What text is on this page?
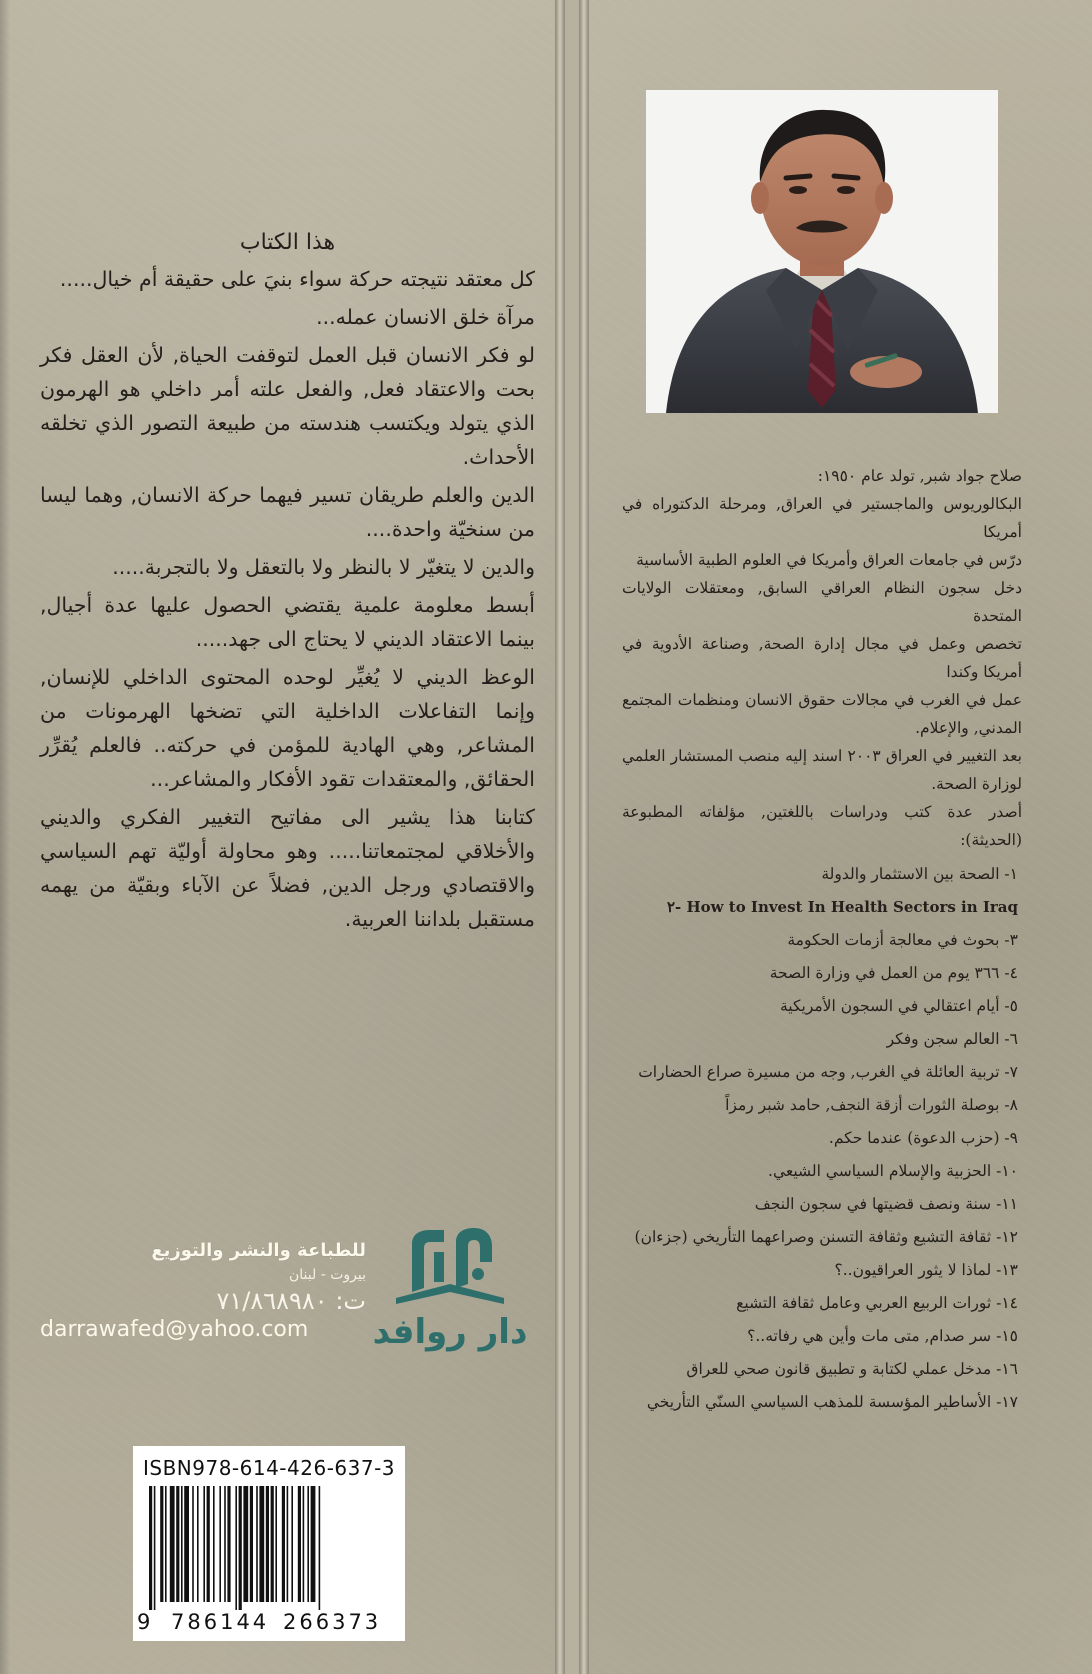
هذا الكتاب

كل معتقد نتيجته حركة سواء بنيَ على حقيقة أم خيال.....

مرآة خلق الانسان عمله...

لو فكر الانسان قبل العمل لتوقفت الحياة, لأن العقل فكر بحت والاعتقاد فعل, والفعل علته أمر داخلي هو الهرمون الذي يتولد ويكتسب هندسته من طبيعة التصور الذي تخلقه الأحداث.

الدين والعلم طريقان تسير فيهما حركة الانسان, وهما ليسا من سنخيّة واحدة....

والدين لا يتغيّر لا بالنظر ولا بالتعقل ولا بالتجربة.....

أبسط معلومة علمية يقتضي الحصول عليها عدة أجيال, بينما الاعتقاد الديني لا يحتاج الى جهد.....

الوعظ الديني لا يُغيِّر لوحده المحتوى الداخلي للإنسان, وإنما التفاعلات الداخلية التي تضخها الهرمونات من المشاعر, وهي الهادية للمؤمن في حركته.. فالعلم يُقرِّر الحقائق, والمعتقدات تقود الأفكار والمشاعر...

كتابنا هذا يشير الى مفاتيح التغيير الفكري والديني والأخلاقي لمجتمعاتنا..... وهو محاولة أوليّة تهم السياسي والاقتصادي ورجل الدين, فضلاً عن الآباء وبقيّة من يهمه مستقبل بلداننا العربية.

صلاح جواد شبر, تولد عام ١٩٥٠:

البكالوريوس والماجستير في العراق, ومرحلة الدكتوراه في أمريكا

درّس في جامعات العراق وأمريكا في العلوم الطبية الأساسية

دخل سجون النظام العراقي السابق, ومعتقلات الولايات المتحدة

تخصص وعمل في مجال إدارة الصحة, وصناعة الأدوية في أمريكا وكندا

عمل في الغرب في مجالات حقوق الانسان ومنظمات المجتمع المدني, والإعلام.

بعد التغيير في العراق ٢٠٠٣ اسند إليه منصب المستشار العلمي لوزارة الصحة.

أصدر عدة كتب ودراسات باللغتين, مؤلفاته المطبوعة (الحديثة):

١- الصحة بين الاستثمار والدولة
How to Invest In Health Sectors in Iraq -٢
٣- بحوث في معالجة أزمات الحكومة
٤- ٣٦٦ يوم من العمل في وزارة الصحة
٥- أيام اعتقالي في السجون الأمريكية
٦- العالم سجن وفكر
٧- تربية العائلة في الغرب, وجه من مسيرة صراع الحضارات
٨- بوصلة الثورات أزقة النجف, حامد شبر رمزاً
٩- (حزب الدعوة) عندما حكم.
١٠- الحزبية والإسلام السياسي الشيعي.
١١- سنة ونصف قضيتها في سجون النجف
١٢- ثقافة التشيع وثقافة التسنن وصراعهما التأريخي (جزءان)
١٣- لماذا لا يثور العراقيون..؟
١٤- ثورات الربيع العربي وعامل ثقافة التشيع
١٥- سر صدام, متى مات وأين هي رفاته..؟
١٦- مدخل عملي لكتابة و تطبيق قانون صحي للعراق
١٧- الأساطير المؤسسة للمذهب السياسي السنّي التأريخي
للطباعة والنشر والتوزيع
بيروت - لبنان
ت: ٧١/٨٦٨٩٨٠
darrawafed@yahoo.com	دار روافد
ISBN978-614-426-637-3
9 786144 266373
